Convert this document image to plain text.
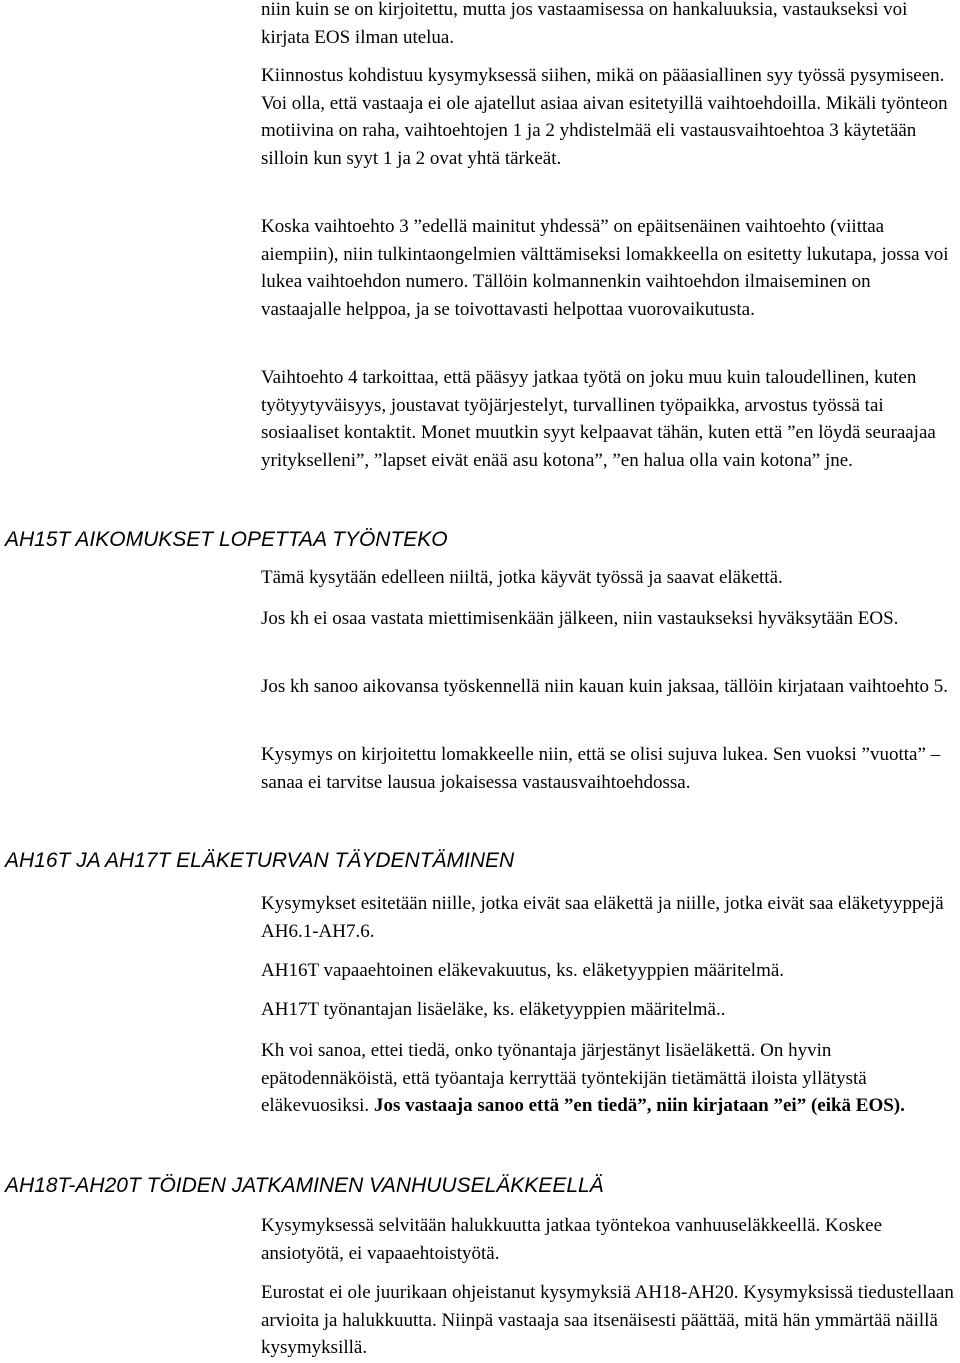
niin kuin se on kirjoitettu, mutta jos vastaamisessa on hankaluuksia, vastaukseksi voi kirjata EOS ilman utelua.
Kiinnostus kohdistuu kysymyksessä siihen, mikä on pääasiallinen syy työssä pysymiseen. Voi olla, että vastaaja ei ole ajatellut asiaa aivan esitetyillä vaihtoehdoilla. Mikäli työnteon motiivina on raha, vaihtoehtojen 1 ja 2 yhdistelmää eli vastausvaihtoehtoa 3 käytetään silloin kun syyt 1 ja 2 ovat yhtä tärkeät.
Koska vaihtoehto 3 ”edellä mainitut yhdessä” on epäitsenäinen vaihtoehto (viittaa aiempiin), niin tulkintaongelmien välttämiseksi lomakkeella on esitetty lukutapa, jossa voi lukea vaihtoehdon numero. Tällöin kolmannenkin vaihtoehdon ilmaiseminen on vastaajalle helppoa, ja se toivottavasti helpottaa vuorovaikutusta.
Vaihtoehto 4 tarkoittaa, että pääsyy jatkaa työtä on joku muu kuin taloudellinen, kuten työtyytyväisyys, joustavat työjärjestelyt, turvallinen työpaikka, arvostus työssä tai sosiaaliset kontaktit. Monet muutkin syyt kelpaavat tähän, kuten että ”en löydä seuraajaa yritykselleni”, ”lapset eivät enää asu kotona”, ”en halua olla vain kotona” jne.
AH15T AIKOMUKSET LOPETTAA TYÖNTEKO
Tämä kysytään edelleen niiltä, jotka käyvät työssä ja saavat eläkettä.
Jos kh ei osaa vastata miettimisenkään jälkeen, niin vastaukseksi hyväksytään EOS.
Jos kh sanoo aikovansa työskennellä niin kauan kuin jaksaa, tällöin kirjataan vaihtoehto 5.
Kysymys on kirjoitettu lomakkeelle niin, että se olisi sujuva lukea. Sen vuoksi ”vuotta” –sanaa ei tarvitse lausua jokaisessa vastausvaihtoehdossa.
AH16T JA AH17T ELÄKETURVAN TÄYDENTÄMINEN
Kysymykset esitetään niille, jotka eivät saa eläkettä ja niille, jotka eivät saa eläketyyppejä AH6.1-AH7.6.
AH16T vapaaehtoinen eläkevakuutus, ks. eläketyyppien määritelmä.
AH17T työnantajan lisäeläke, ks. eläketyyppien määritelmä..
Kh voi sanoa, ettei tiedä, onko työnantaja järjestänyt lisäeläkettä. On hyvin epätodennäköistä, että työantaja kerryttää työntekijän tietämättä iloista yllätystä eläkevuosiksi. Jos vastaaja sanoo että ”en tiedä”, niin kirjataan ”ei” (eikä EOS).
AH18T-AH20T TÖIDEN JATKAMINEN VANHUUSELÄKKEELLÄ
Kysymyksessä selvitään halukkuutta jatkaa työntekoa vanhuuseläkkeellä. Koskee ansiotyötä, ei vapaaehtoistyötä.
Eurostat ei ole juurikaan ohjeistanut kysymyksiä AH18-AH20. Kysymyksissä tiedustellaan arvioita ja halukkuutta. Niinpä vastaaja saa itsenäisesti päättää, mitä hän ymmärtää näillä kysymyksillä.
